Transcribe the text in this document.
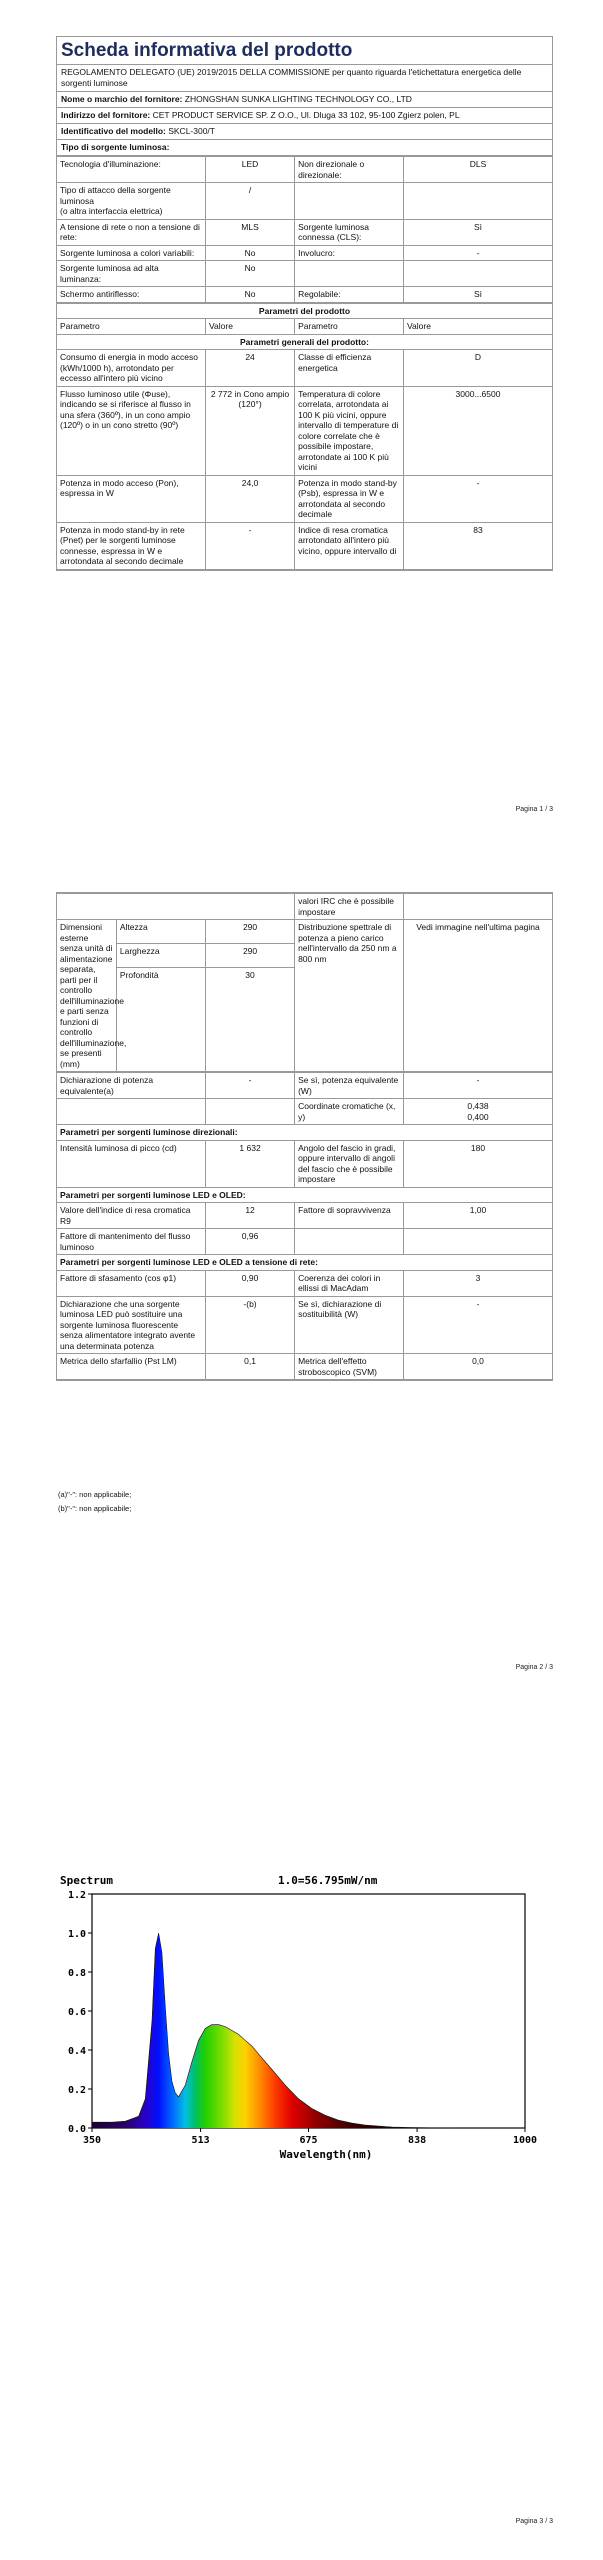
Scheda informativa del prodotto
REGOLAMENTO DELEGATO (UE) 2019/2015 DELLA COMMISSIONE per quanto riguarda l'etichettatura energetica delle sorgenti luminose
Nome o marchio del fornitore: ZHONGSHAN SUNKA LIGHTING TECHNOLOGY CO., LTD
Indirizzo del fornitore: CET PRODUCT SERVICE SP. Z O.O., Ul. Dluga 33 102, 95-100 Zgierz polen, PL
Identificativo del modello: SKCL-300/T
Tipo di sorgente luminosa:
Tecnologia d'illuminazione:	LED	Non direzionale o direzionale:	DLS
Tipo di attacco della sorgente luminosa
(o altra interfaccia elettrica)	/		
A tensione di rete o non a tensione di rete:	MLS	Sorgente luminosa connessa (CLS):	Sì
Sorgente luminosa a colori variabili:	No	Involucro:	-
Sorgente luminosa ad alta luminanza:	No		
Schermo antiriflesso:	No	Regolabile:	Sì
Parametri del prodotto			
Parametro	Valore	Parametro	Valore
Parametri generali del prodotto:			
Consumo di energia in modo acceso (kWh/1000 h), arrotondato per eccesso all'intero più vicino	24	Classe di efficienza energetica	D
Flusso luminoso utile (Φuse), indicando se si riferisce al flusso in una sfera (360º), in un cono ampio (120º) o in un cono stretto (90º)	2 772 in Cono ampio (120°)	Temperatura di colore correlata, arrotondata ai 100 K più vicini, oppure intervallo di temperature di colore correlate che è possibile impostare, arrotondate ai 100 K più vicini	3000...6500
Potenza in modo acceso (Pon), espressa in W	24,0	Potenza in modo stand-by (Psb), espressa in W e arrotondata al secondo decimale	-
Potenza in modo stand-by in rete (Pnet) per le sorgenti luminose connesse, espressa in W e arrotondata al secondo decimale	-	Indice di resa cromatica arrotondato all'intero più vicino, oppure intervallo di	83
Pagina 1 / 3
			valori IRC che è possibile impostare	
Dimensioni esterne senza unità di alimentazione separata, parti per il controllo dell'illuminazione e parti senza funzioni di controllo dell'illuminazione, se presenti (mm)	Altezza	290	Distribuzione spettrale di potenza a pieno carico nell'intervallo da 250 nm a 800 nm	Vedi immagine nell'ultima pagina
	Larghezza	290		
	Profondità	30		
Dichiarazione di potenza equivalente(a)	-	Se sì, potenza equivalente (W)	-
		Coordinate cromatiche (x, y)	0,438
0,400
Parametri per sorgenti luminose direzionali:			
Intensità luminosa di picco (cd)	1 632	Angolo del fascio in gradi, oppure intervallo di angoli del fascio che è possibile impostare	180
Parametri per sorgenti luminose LED e OLED:			
Valore dell'indice di resa cromatica R9	12	Fattore di sopravvivenza	1,00
Fattore di mantenimento del flusso luminoso	0,96		
Parametri per sorgenti luminose LED e OLED a tensione di rete:			
Fattore di sfasamento (cos φ1)	0,90	Coerenza dei colori in ellissi di MacAdam	3
Dichiarazione che una sorgente luminosa LED può sostituire una sorgente luminosa fluorescente senza alimentatore integrato avente una determinata potenza	-(b)	Se sì, dichiarazione di sostituibilità (W)	-
Metrica dello sfarfallio (Pst LM)	0,1	Metrica dell'effetto stroboscopico (SVM)	0,0
(a)"-": non applicabile;
(b)"-": non applicabile;
Pagina 2 / 3
Spectrum	1.0=56.795mW/nm
0.0
0.2
0.4
0.6
0.8
1.0
1.2
350	513	675	838	1000
Wavelength(nm)
Pagina 3 / 3
